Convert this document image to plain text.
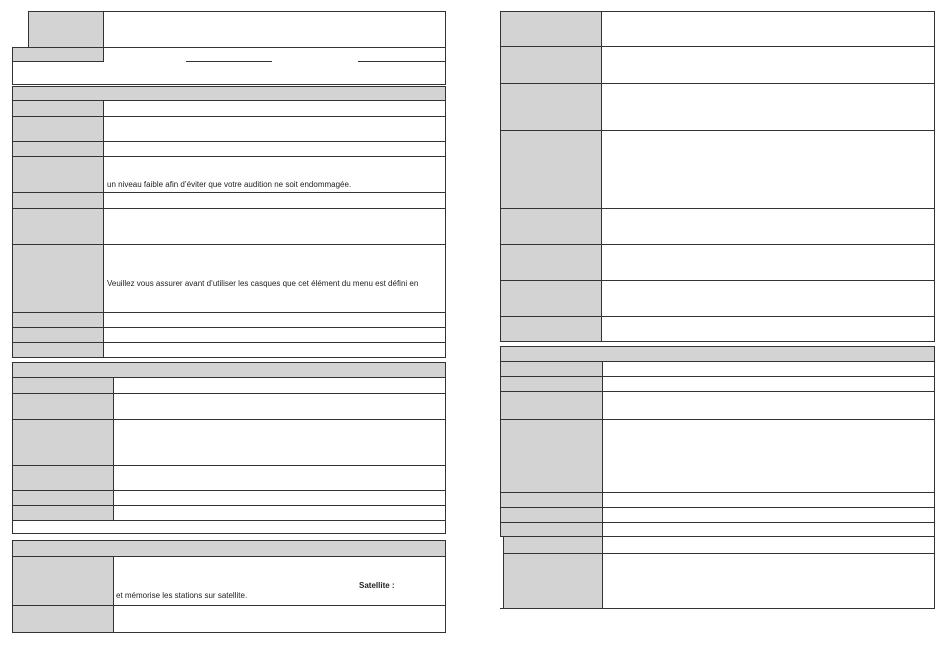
un niveau faible afin d’éviter que votre audition ne soit endommagée.
Veuillez vous assurer avant d’utiliser les casques que cet élément du menu est défini en
Satellite :
et mémorise les stations sur satellite.
